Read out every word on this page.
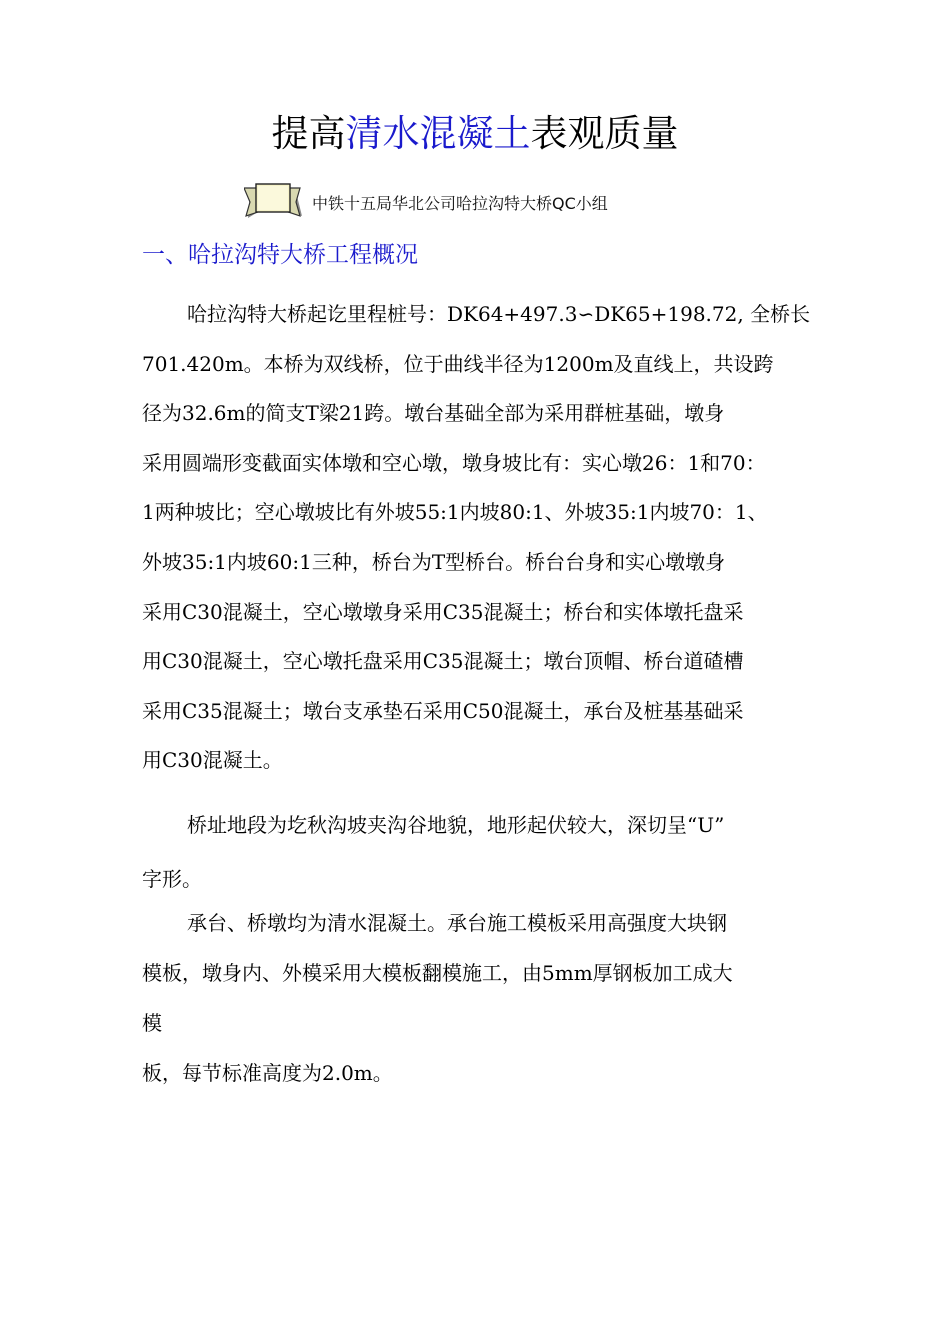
提高清水混凝土表观质量
中铁十五局华北公司哈拉沟特大桥QC小组
一、哈拉沟特大桥工程概况
哈拉沟特大桥起讫里程桩号：DK64+497.3∽DK65+198.72, 全桥长
701.420m。本桥为双线桥，位于曲线半径为1200m及直线上，共设跨
径为32.6m的简支T梁21跨。墩台基础全部为采用群桩基础，墩身
采用圆端形变截面实体墩和空心墩，墩身坡比有：实心墩26：1和70：
1两种坡比；空心墩坡比有外坡55:1内坡80:1、外坡35:1内坡70：1、
外坡35:1内坡60:1三种，桥台为T型桥台。桥台台身和实心墩墩身
采用C30混凝土，空心墩墩身采用C35混凝土；桥台和实体墩托盘采
用C30混凝土，空心墩托盘采用C35混凝土；墩台顶帽、桥台道碴槽
采用C35混凝土；墩台支承垫石采用C50混凝土，承台及桩基基础采
用C30混凝土。
桥址地段为圪秋沟坡夹沟谷地貌，地形起伏较大，深切呈“U”
字形。
承台、桥墩均为清水混凝土。承台施工模板采用高强度大块钢
模板，墩身内、外模采用大模板翻模施工，由5mm厚钢板加工成大
模
板，每节标准高度为2.0m。
